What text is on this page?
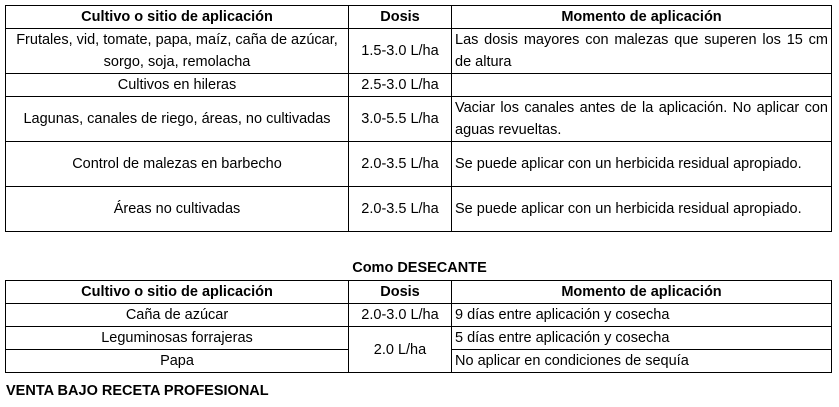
Cultivo o sitio de aplicación	Dosis	Momento de aplicación
Frutales, vid, tomate, papa, maíz, caña de azúcar, sorgo, soja, remolacha	1.5-3.0 L/ha	Las dosis mayores con malezas que superen los 15 cm de altura
Cultivos en hileras	2.5-3.0 L/ha	
Lagunas, canales de riego, áreas, no cultivadas	3.0-5.5 L/ha	Vaciar los canales antes de la aplicación. No aplicar con aguas revueltas.
Control de malezas en barbecho	2.0-3.5 L/ha	Se puede aplicar con un herbicida residual apropiado.
Áreas no cultivadas	2.0-3.5 L/ha	Se puede aplicar con un herbicida residual apropiado.
Como DESECANTE
Cultivo o sitio de aplicación	Dosis	Momento de aplicación
Caña de azúcar	2.0-3.0 L/ha	9 días entre aplicación y cosecha
Leguminosas forrajeras	2.0 L/ha	5 días entre aplicación y cosecha
Papa		No aplicar en condiciones de sequía
VENTA BAJO RECETA PROFESIONAL
